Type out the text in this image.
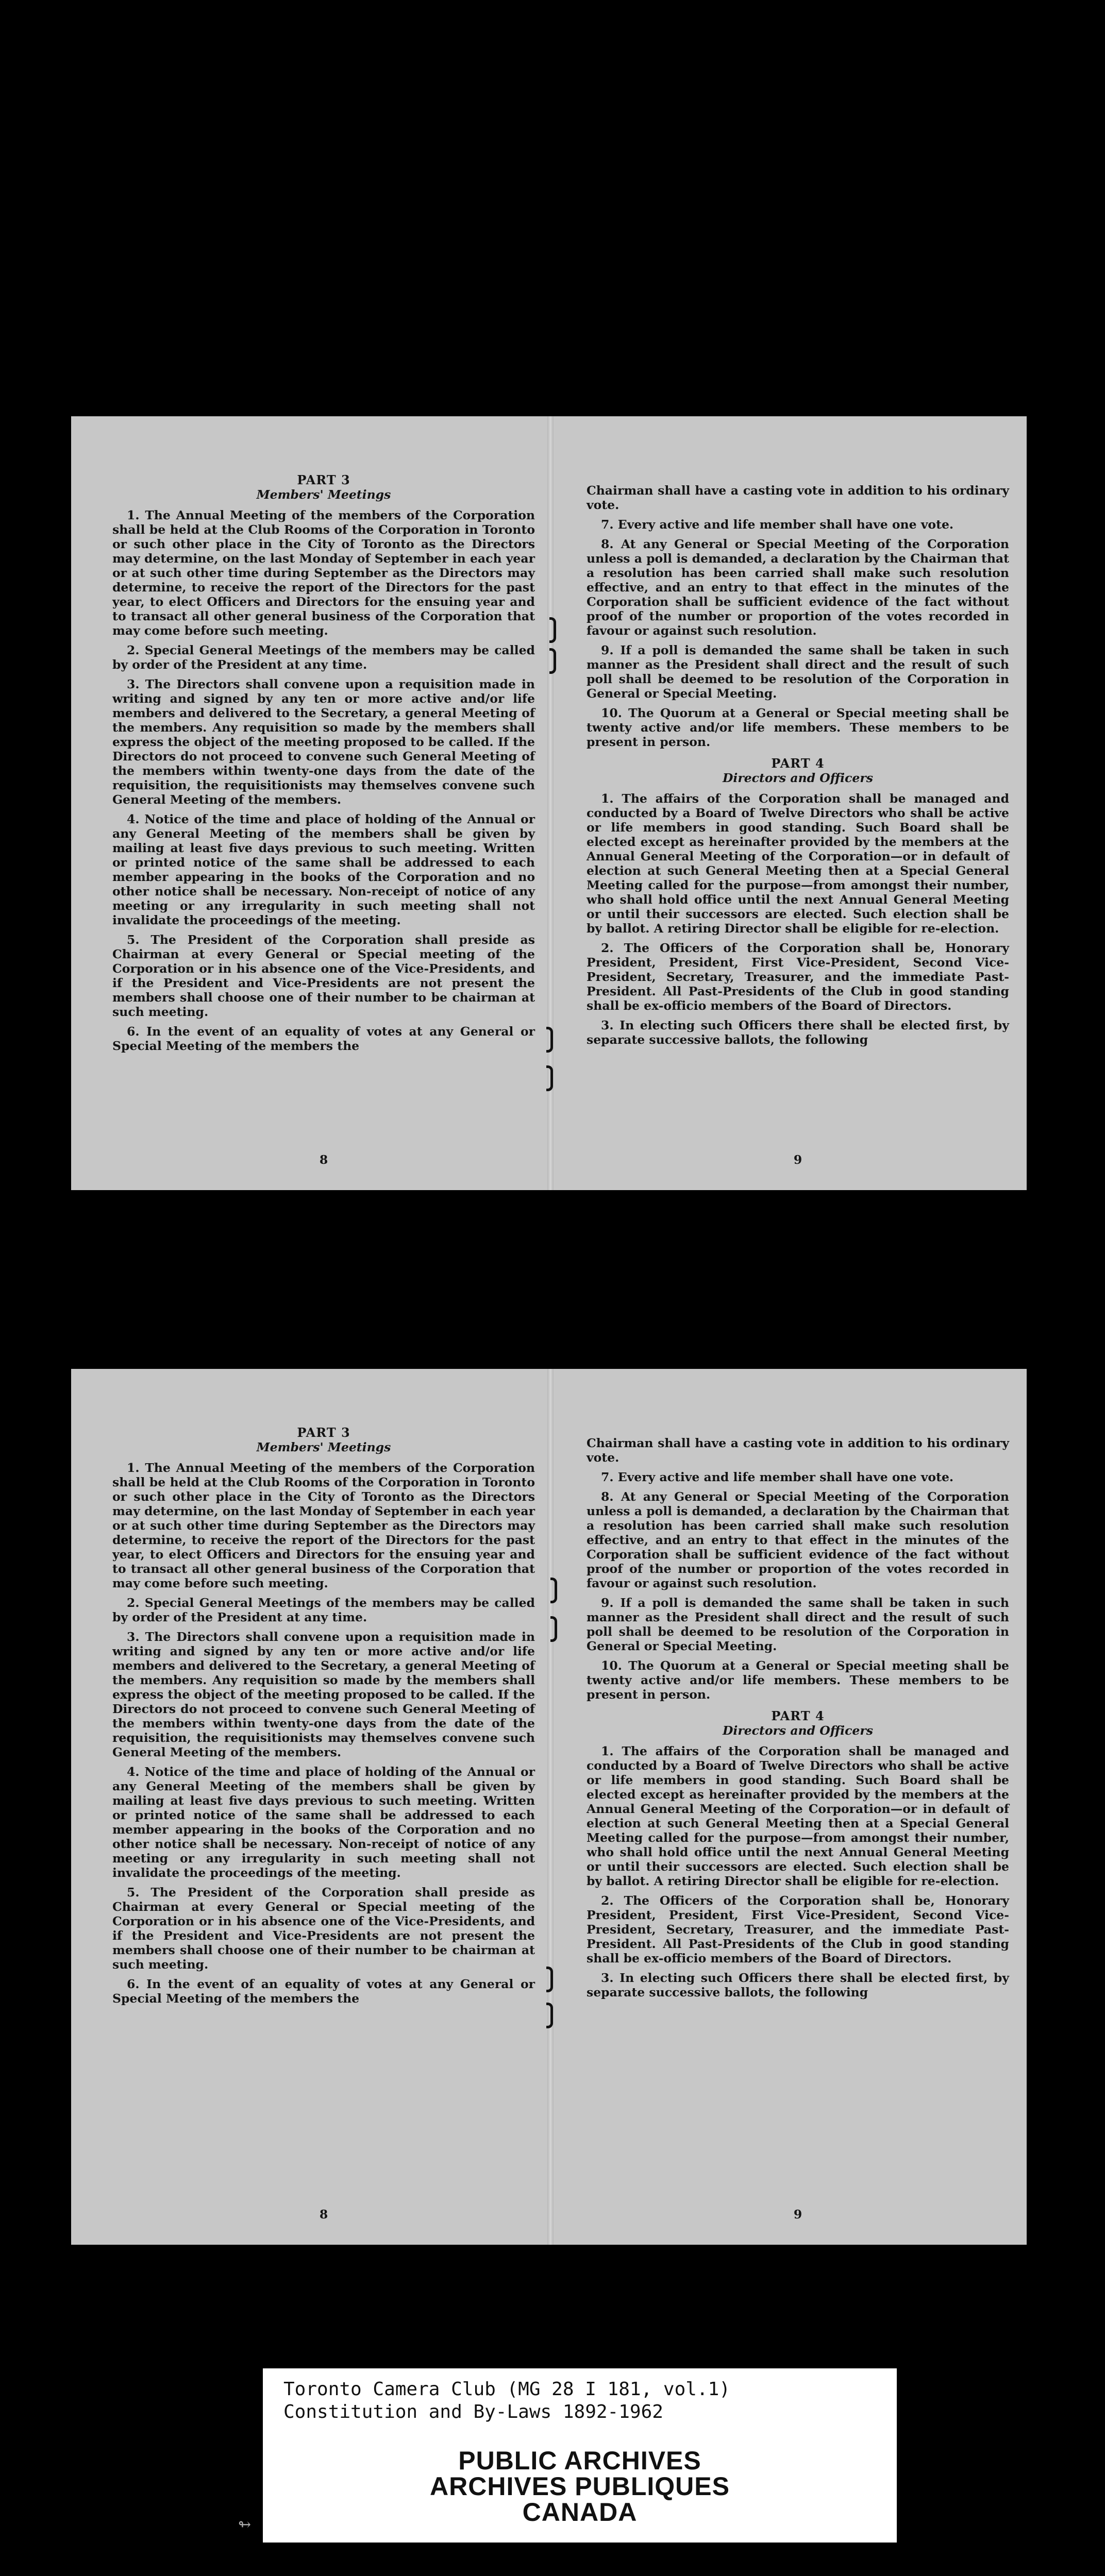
PART 3
Members' Meetings

1. The Annual Meeting of the members of the Corporation shall be held at the Club Rooms of the Corporation in Toronto or such other place in the City of Toronto as the Directors may determine, on the last Monday of September in each year or at such other time during September as the Directors may determine, to receive the report of the Directors for the past year, to elect Officers and Directors for the ensuing year and to transact all other general business of the Corporation that may come before such meeting.

2. Special General Meetings of the members may be called by order of the President at any time.

3. The Directors shall convene upon a requisition made in writing and signed by any ten or more active and/or life members and delivered to the Secretary, a general Meeting of the members. Any requisition so made by the members shall express the object of the meeting proposed to be called. If the Directors do not proceed to convene such General Meeting of the members within twenty-one days from the date of the requisition, the requisitionists may themselves convene such General Meeting of the members.

4. Notice of the time and place of holding of the Annual or any General Meeting of the members shall be given by mailing at least five days previous to such meeting. Written or printed notice of the same shall be addressed to each member appearing in the books of the Corporation and no other notice shall be necessary. Non-receipt of notice of any meeting or any irregularity in such meeting shall not invalidate the proceedings of the meeting.

5. The President of the Corporation shall preside as Chairman at every General or Special meeting of the Corporation or in his absence one of the Vice-Presidents, and if the President and Vice-Presidents are not present the members shall choose one of their number to be chairman at such meeting.

6. In the event of an equality of votes at any General or Special Meeting of the members the

8

Chairman shall have a casting vote in addition to his ordinary vote.

7. Every active and life member shall have one vote.

8. At any General or Special Meeting of the Corporation unless a poll is demanded, a declaration by the Chairman that a resolution has been carried shall make such resolution effective, and an entry to that effect in the minutes of the Corporation shall be sufficient evidence of the fact without proof of the number or proportion of the votes recorded in favour or against such resolution.

9. If a poll is demanded the same shall be taken in such manner as the President shall direct and the result of such poll shall be deemed to be resolution of the Corporation in General or Special Meeting.

10. The Quorum at a General or Special meeting shall be twenty active and/or life members. These members to be present in person.

PART 4
Directors and Officers

1. The affairs of the Corporation shall be managed and conducted by a Board of Twelve Directors who shall be active or life members in good standing. Such Board shall be elected except as hereinafter provided by the members at the Annual General Meeting of the Corporation—or in default of election at such General Meeting then at a Special General Meeting called for the purpose—from amongst their number, who shall hold office until the next Annual General Meeting or until their successors are elected. Such election shall be by ballot. A retiring Director shall be eligible for re-election.

2. The Officers of the Corporation shall be, Honorary President, President, First Vice-President, Second Vice-President, Secretary, Treasurer, and the immediate Past-President. All Past-Presidents of the Club in good standing shall be ex-officio members of the Board of Directors.

3. In electing such Officers there shall be elected first, by separate successive ballots, the following

9
PART 3
Members' Meetings

1. The Annual Meeting of the members of the Corporation shall be held at the Club Rooms of the Corporation in Toronto or such other place in the City of Toronto as the Directors may determine, on the last Monday of September in each year or at such other time during September as the Directors may determine, to receive the report of the Directors for the past year, to elect Officers and Directors for the ensuing year and to transact all other general business of the Corporation that may come before such meeting.

2. Special General Meetings of the members may be called by order of the President at any time.

3. The Directors shall convene upon a requisition made in writing and signed by any ten or more active and/or life members and delivered to the Secretary, a general Meeting of the members. Any requisition so made by the members shall express the object of the meeting proposed to be called. If the Directors do not proceed to convene such General Meeting of the members within twenty-one days from the date of the requisition, the requisitionists may themselves convene such General Meeting of the members.

4. Notice of the time and place of holding of the Annual or any General Meeting of the members shall be given by mailing at least five days previous to such meeting. Written or printed notice of the same shall be addressed to each member appearing in the books of the Corporation and no other notice shall be necessary. Non-receipt of notice of any meeting or any irregularity in such meeting shall not invalidate the proceedings of the meeting.

5. The President of the Corporation shall preside as Chairman at every General or Special meeting of the Corporation or in his absence one of the Vice-Presidents, and if the President and Vice-Presidents are not present the members shall choose one of their number to be chairman at such meeting.

6. In the event of an equality of votes at any General or Special Meeting of the members the

8

Chairman shall have a casting vote in addition to his ordinary vote.

7. Every active and life member shall have one vote.

8. At any General or Special Meeting of the Corporation unless a poll is demanded, a declaration by the Chairman that a resolution has been carried shall make such resolution effective, and an entry to that effect in the minutes of the Corporation shall be sufficient evidence of the fact without proof of the number or proportion of the votes recorded in favour or against such resolution.

9. If a poll is demanded the same shall be taken in such manner as the President shall direct and the result of such poll shall be deemed to be resolution of the Corporation in General or Special Meeting.

10. The Quorum at a General or Special meeting shall be twenty active and/or life members. These members to be present in person.

PART 4
Directors and Officers

1. The affairs of the Corporation shall be managed and conducted by a Board of Twelve Directors who shall be active or life members in good standing. Such Board shall be elected except as hereinafter provided by the members at the Annual General Meeting of the Corporation—or in default of election at such General Meeting then at a Special General Meeting called for the purpose—from amongst their number, who shall hold office until the next Annual General Meeting or until their successors are elected. Such election shall be by ballot. A retiring Director shall be eligible for re-election.

2. The Officers of the Corporation shall be, Honorary President, President, First Vice-President, Second Vice-President, Secretary, Treasurer, and the immediate Past-President. All Past-Presidents of the Club in good standing shall be ex-officio members of the Board of Directors.

3. In electing such Officers there shall be elected first, by separate successive ballots, the following

9
Toronto Camera Club (MG 28 I 181, vol.1)
Constitution and By-Laws 1892-1962
PUBLIC ARCHIVES
ARCHIVES PUBLIQUES
CANADA
↬
